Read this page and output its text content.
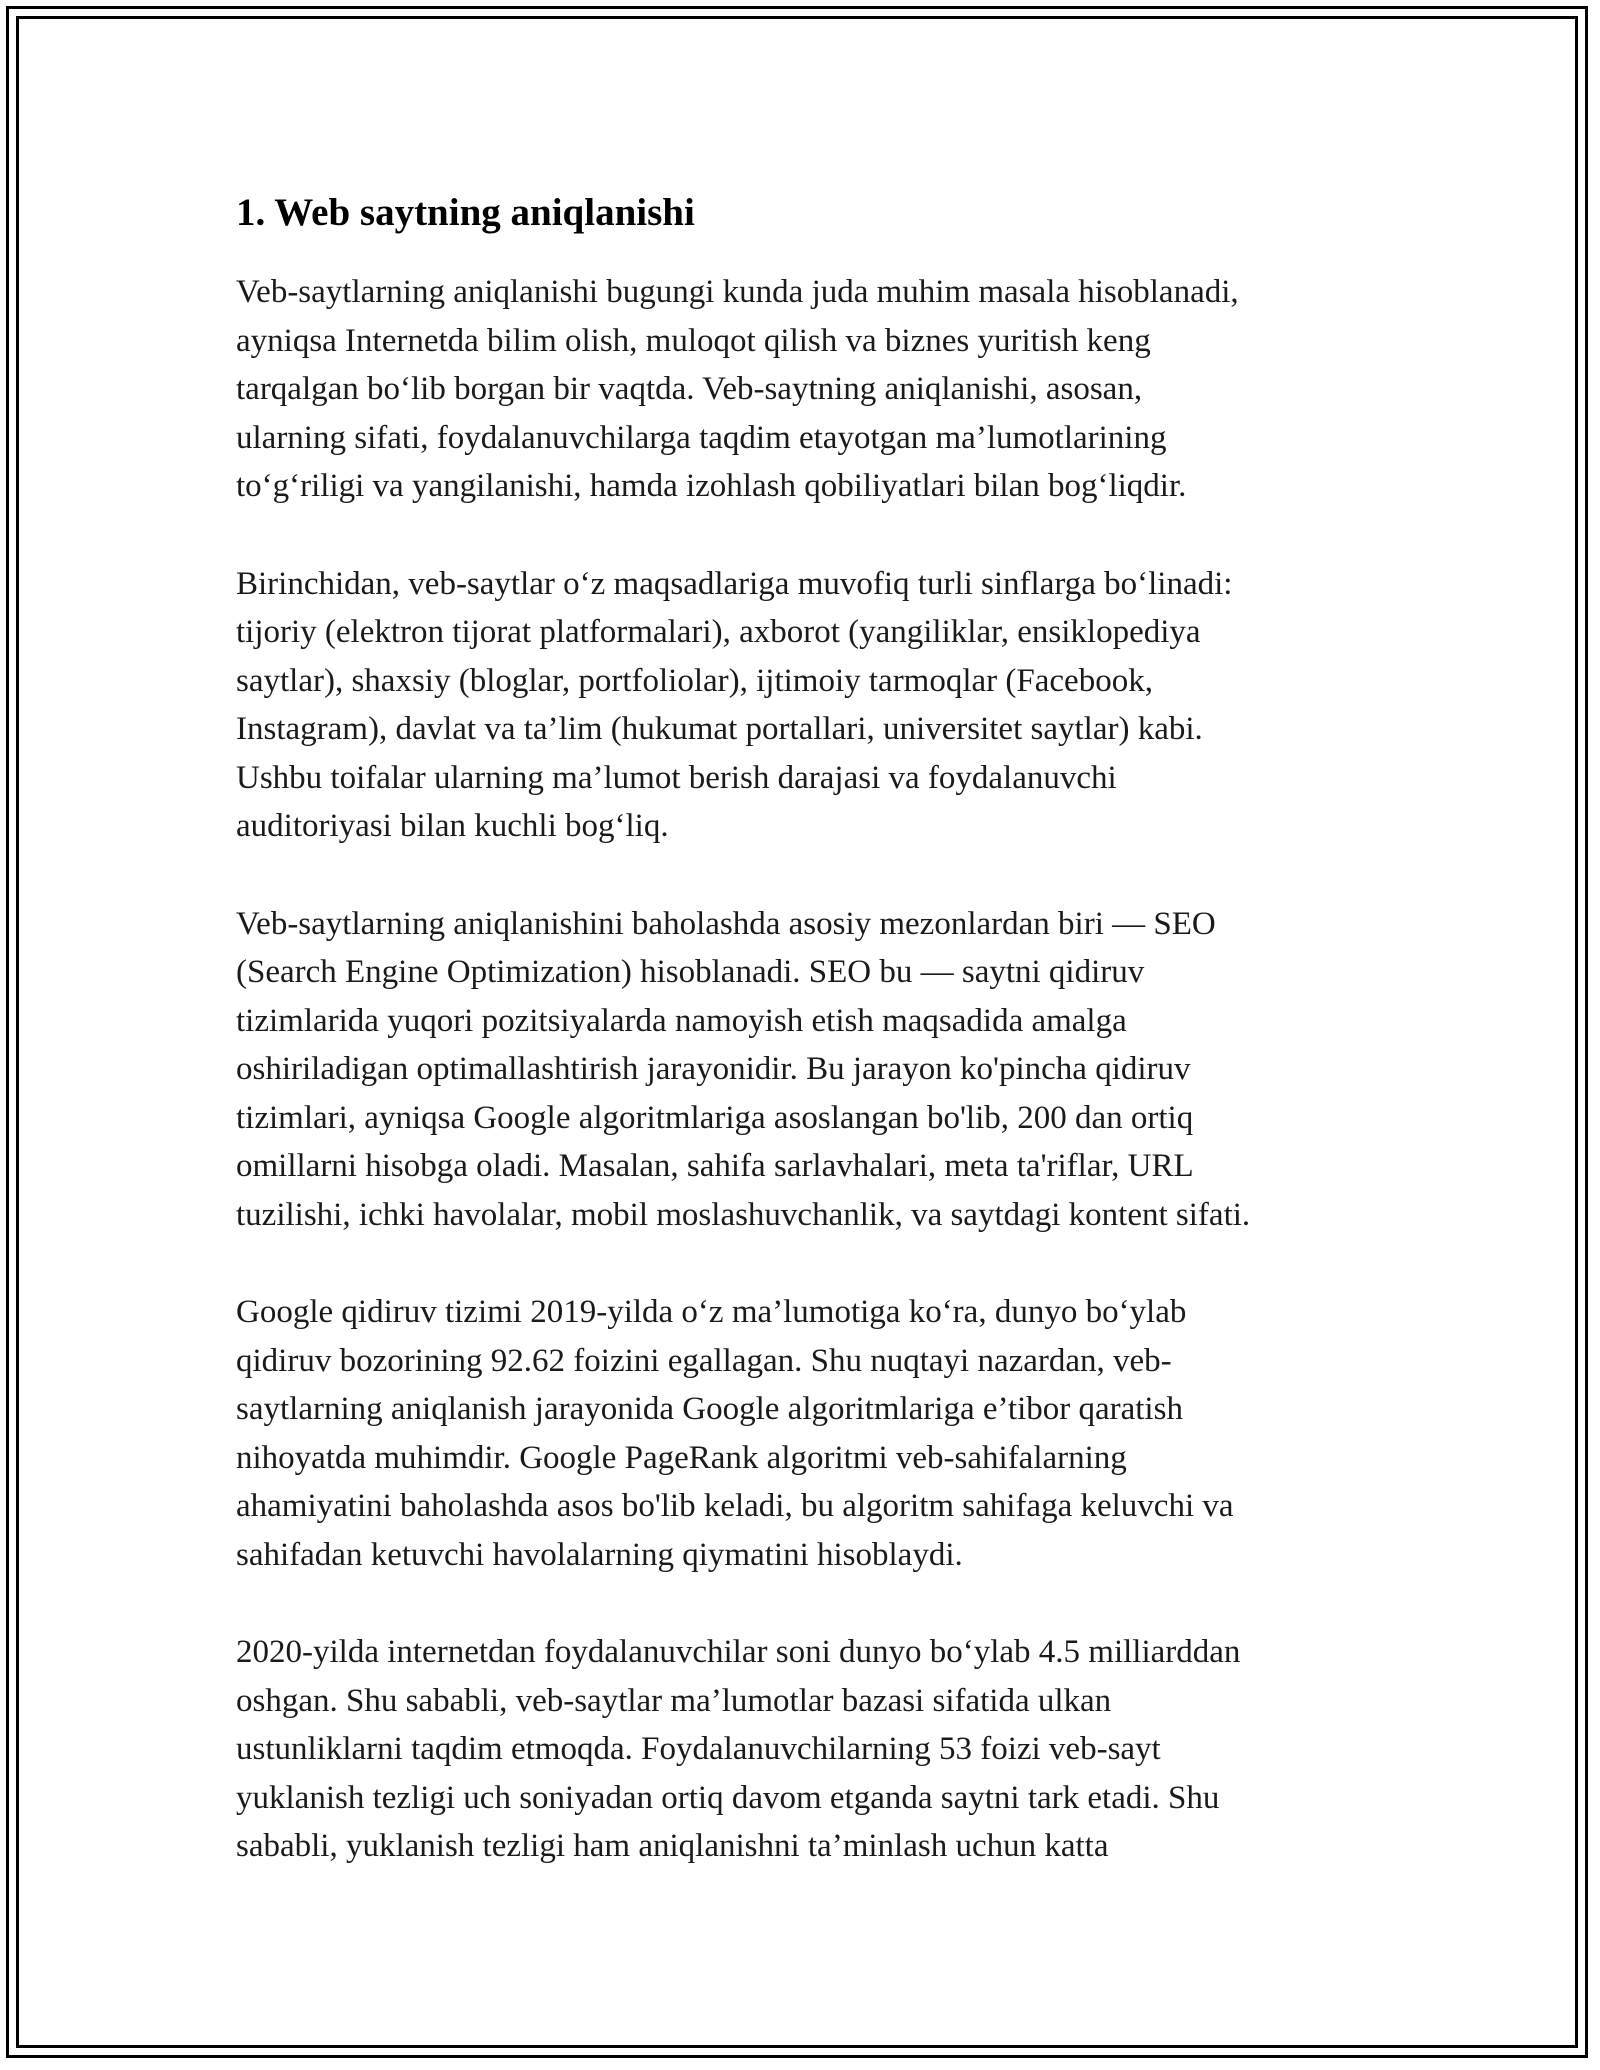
1. Web saytning aniqlanishi

Veb-saytlarning aniqlanishi bugungi kunda juda muhim masala hisoblanadi,
ayniqsa Internetda bilim olish, muloqot qilish va biznes yuritish keng
tarqalgan bo‘lib borgan bir vaqtda. Veb-saytning aniqlanishi, asosan,
ularning sifati, foydalanuvchilarga taqdim etayotgan ma’lumotlarining
to‘g‘riligi va yangilanishi, hamda izohlash qobiliyatlari bilan bog‘liqdir.

Birinchidan, veb-saytlar o‘z maqsadlariga muvofiq turli sinflarga bo‘linadi:
tijoriy (elektron tijorat platformalari), axborot (yangiliklar, ensiklopediya
saytlar), shaxsiy (bloglar, portfoliolar), ijtimoiy tarmoqlar (Facebook,
Instagram), davlat va ta’lim (hukumat portallari, universitet saytlar) kabi.
Ushbu toifalar ularning ma’lumot berish darajasi va foydalanuvchi
auditoriyasi bilan kuchli bog‘liq.

Veb-saytlarning aniqlanishini baholashda asosiy mezonlardan biri — SEO
(Search Engine Optimization) hisoblanadi. SEO bu — saytni qidiruv
tizimlarida yuqori pozitsiyalarda namoyish etish maqsadida amalga
oshiriladigan optimallashtirish jarayonidir. Bu jarayon ko'pincha qidiruv
tizimlari, ayniqsa Google algoritmlariga asoslangan bo'lib, 200 dan ortiq
omillarni hisobga oladi. Masalan, sahifa sarlavhalari, meta ta'riflar, URL
tuzilishi, ichki havolalar, mobil moslashuvchanlik, va saytdagi kontent sifati.

Google qidiruv tizimi 2019-yilda o‘z ma’lumotiga ko‘ra, dunyo bo‘ylab
qidiruv bozorining 92.62 foizini egallagan. Shu nuqtayi nazardan, veb-
saytlarning aniqlanish jarayonida Google algoritmlariga e’tibor qaratish
nihoyatda muhimdir. Google PageRank algoritmi veb-sahifalarning
ahamiyatini baholashda asos bo'lib keladi, bu algoritm sahifaga keluvchi va
sahifadan ketuvchi havolalarning qiymatini hisoblaydi.

2020-yilda internetdan foydalanuvchilar soni dunyo bo‘ylab 4.5 milliarddan
oshgan. Shu sababli, veb-saytlar ma’lumotlar bazasi sifatida ulkan
ustunliklarni taqdim etmoqda. Foydalanuvchilarning 53 foizi veb-sayt
yuklanish tezligi uch soniyadan ortiq davom etganda saytni tark etadi. Shu
sababli, yuklanish tezligi ham aniqlanishni ta’minlash uchun katta
